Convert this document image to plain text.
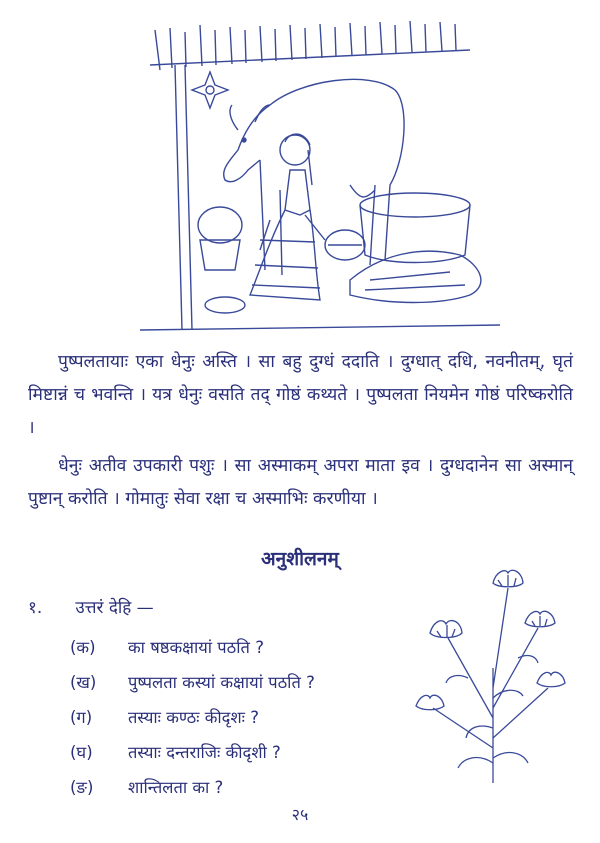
पुष्पलतायाः एका धेनुः अस्ति । सा बहु दुग्धं ददाति । दुग्धात् दधि, नवनीतम्, घृतं मिष्टान्नं च भवन्ति । यत्र धेनुः वसति तद् गोष्ठं कथ्यते । पुष्पलता नियमेन गोष्ठं परिष्करोति ।

धेनुः अतीव उपकारी पशुः । सा अस्माकम् अपरा माता इव । दुग्धदानेन सा अस्मान् पुष्टान् करोति । गोमातुः सेवा रक्षा च अस्माभिः करणीया ।

अनुशीलनम्
१. उत्तरं देहि —
(क) का षष्ठकक्षायां पठति ?
(ख) पुष्पलता कस्यां कक्षायां पठति ?
(ग) तस्याः कण्ठः कीदृशः ?
(घ) तस्याः दन्तराजिः कीदृशी ?
(ङ) शान्तिलता का ?
२५
